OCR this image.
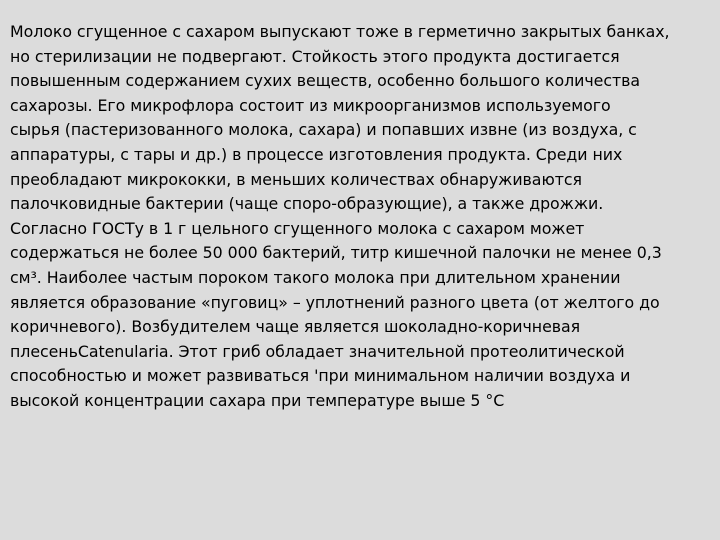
Молоко сгущенное с сахаром выпускают тоже в герметично закрытых банках,
но стерилизации не подвергают. Стойкость этого продукта достигается
повышенным содержанием сухих веществ, особенно большого количества
сахарозы. Его микрофлора состоит из микроорганизмов используемого
сырья (пастеризованного молока, сахара) и попавших извне (из воздуха, с
аппаратуры, с тары и др.) в процессе изготовления продукта. Среди них
преобладают микрококки, в меньших количествах обнаруживаются
палочковидные бактерии (чаще споро-образующие), а также дрожжи.
Согласно ГОСТу в 1 г цельного сгущенного молока с сахаром может
содержаться не более 50 000 бактерий, титр кишечной палочки не менее 0,3
см³. Наиболее частым пороком такого молока при длительном хранении
является образование «пуговиц» – уплотнений разного цвета (от желтого до
коричневого). Возбудителем чаще является шоколадно-коричневая
плесеньCatenularia. Этот гриб обладает значительной протеолитической
способностью и может развиваться 'при минимальном наличии воздуха и
высокой концентрации сахара при температуре выше 5 °С
